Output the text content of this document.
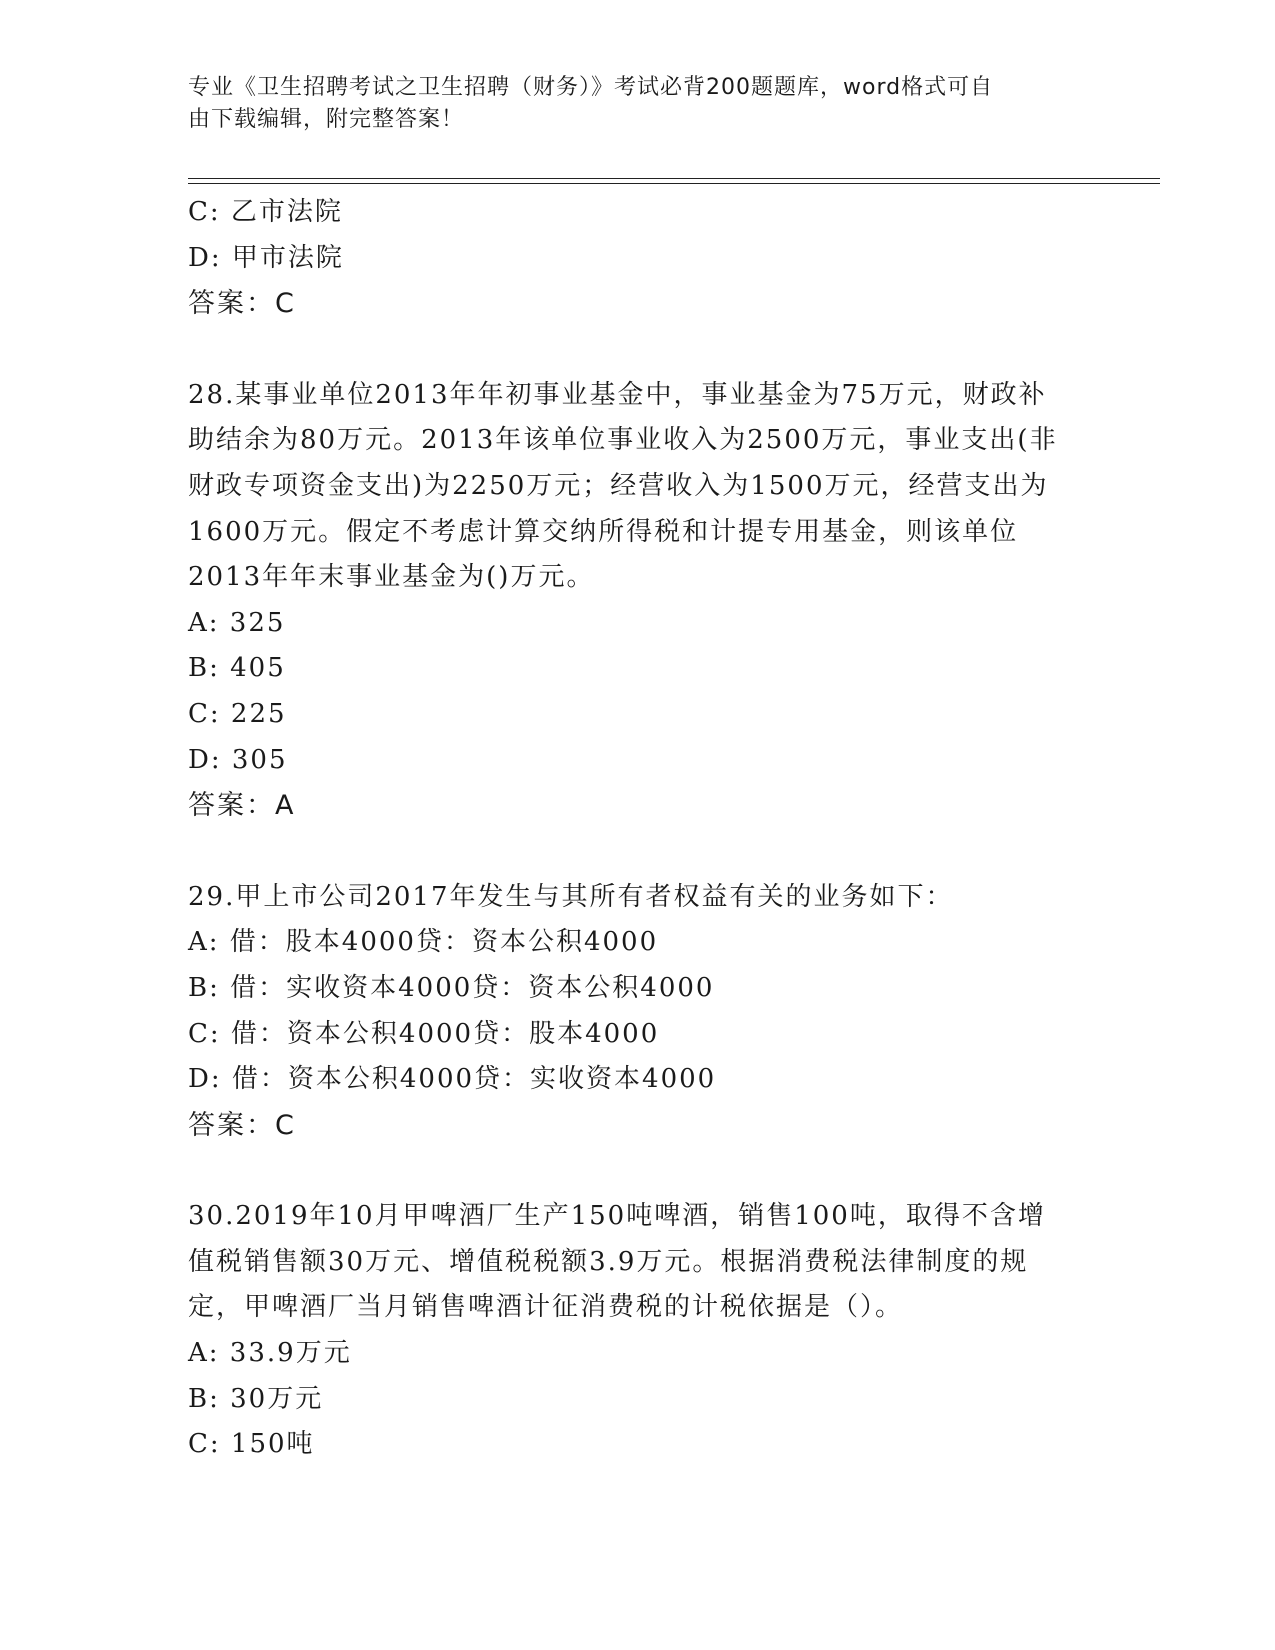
专业《卫生招聘考试之卫生招聘（财务）》考试必背200题题库，word格式可自
由下载编辑，附完整答案！
C: 乙市法院
D: 甲市法院
答案：C
28.某事业单位2013年年初事业基金中，事业基金为75万元，财政补
助结余为80万元。2013年该单位事业收入为2500万元，事业支出(非
财政专项资金支出)为2250万元；经营收入为1500万元，经营支出为
1600万元。假定不考虑计算交纳所得税和计提专用基金，则该单位
2013年年末事业基金为()万元。
A: 325
B: 405
C: 225
D: 305
答案：A
29.甲上市公司2017年发生与其所有者权益有关的业务如下：
A: 借：股本4000贷：资本公积4000
B: 借：实收资本4000贷：资本公积4000
C: 借：资本公积4000贷：股本4000
D: 借：资本公积4000贷：实收资本4000
答案：C
30.2019年10月甲啤酒厂生产150吨啤酒，销售100吨，取得不含增
值税销售额30万元、增值税税额3.9万元。根据消费税法律制度的规
定，甲啤酒厂当月销售啤酒计征消费税的计税依据是（）。
A: 33.9万元
B: 30万元
C: 150吨
